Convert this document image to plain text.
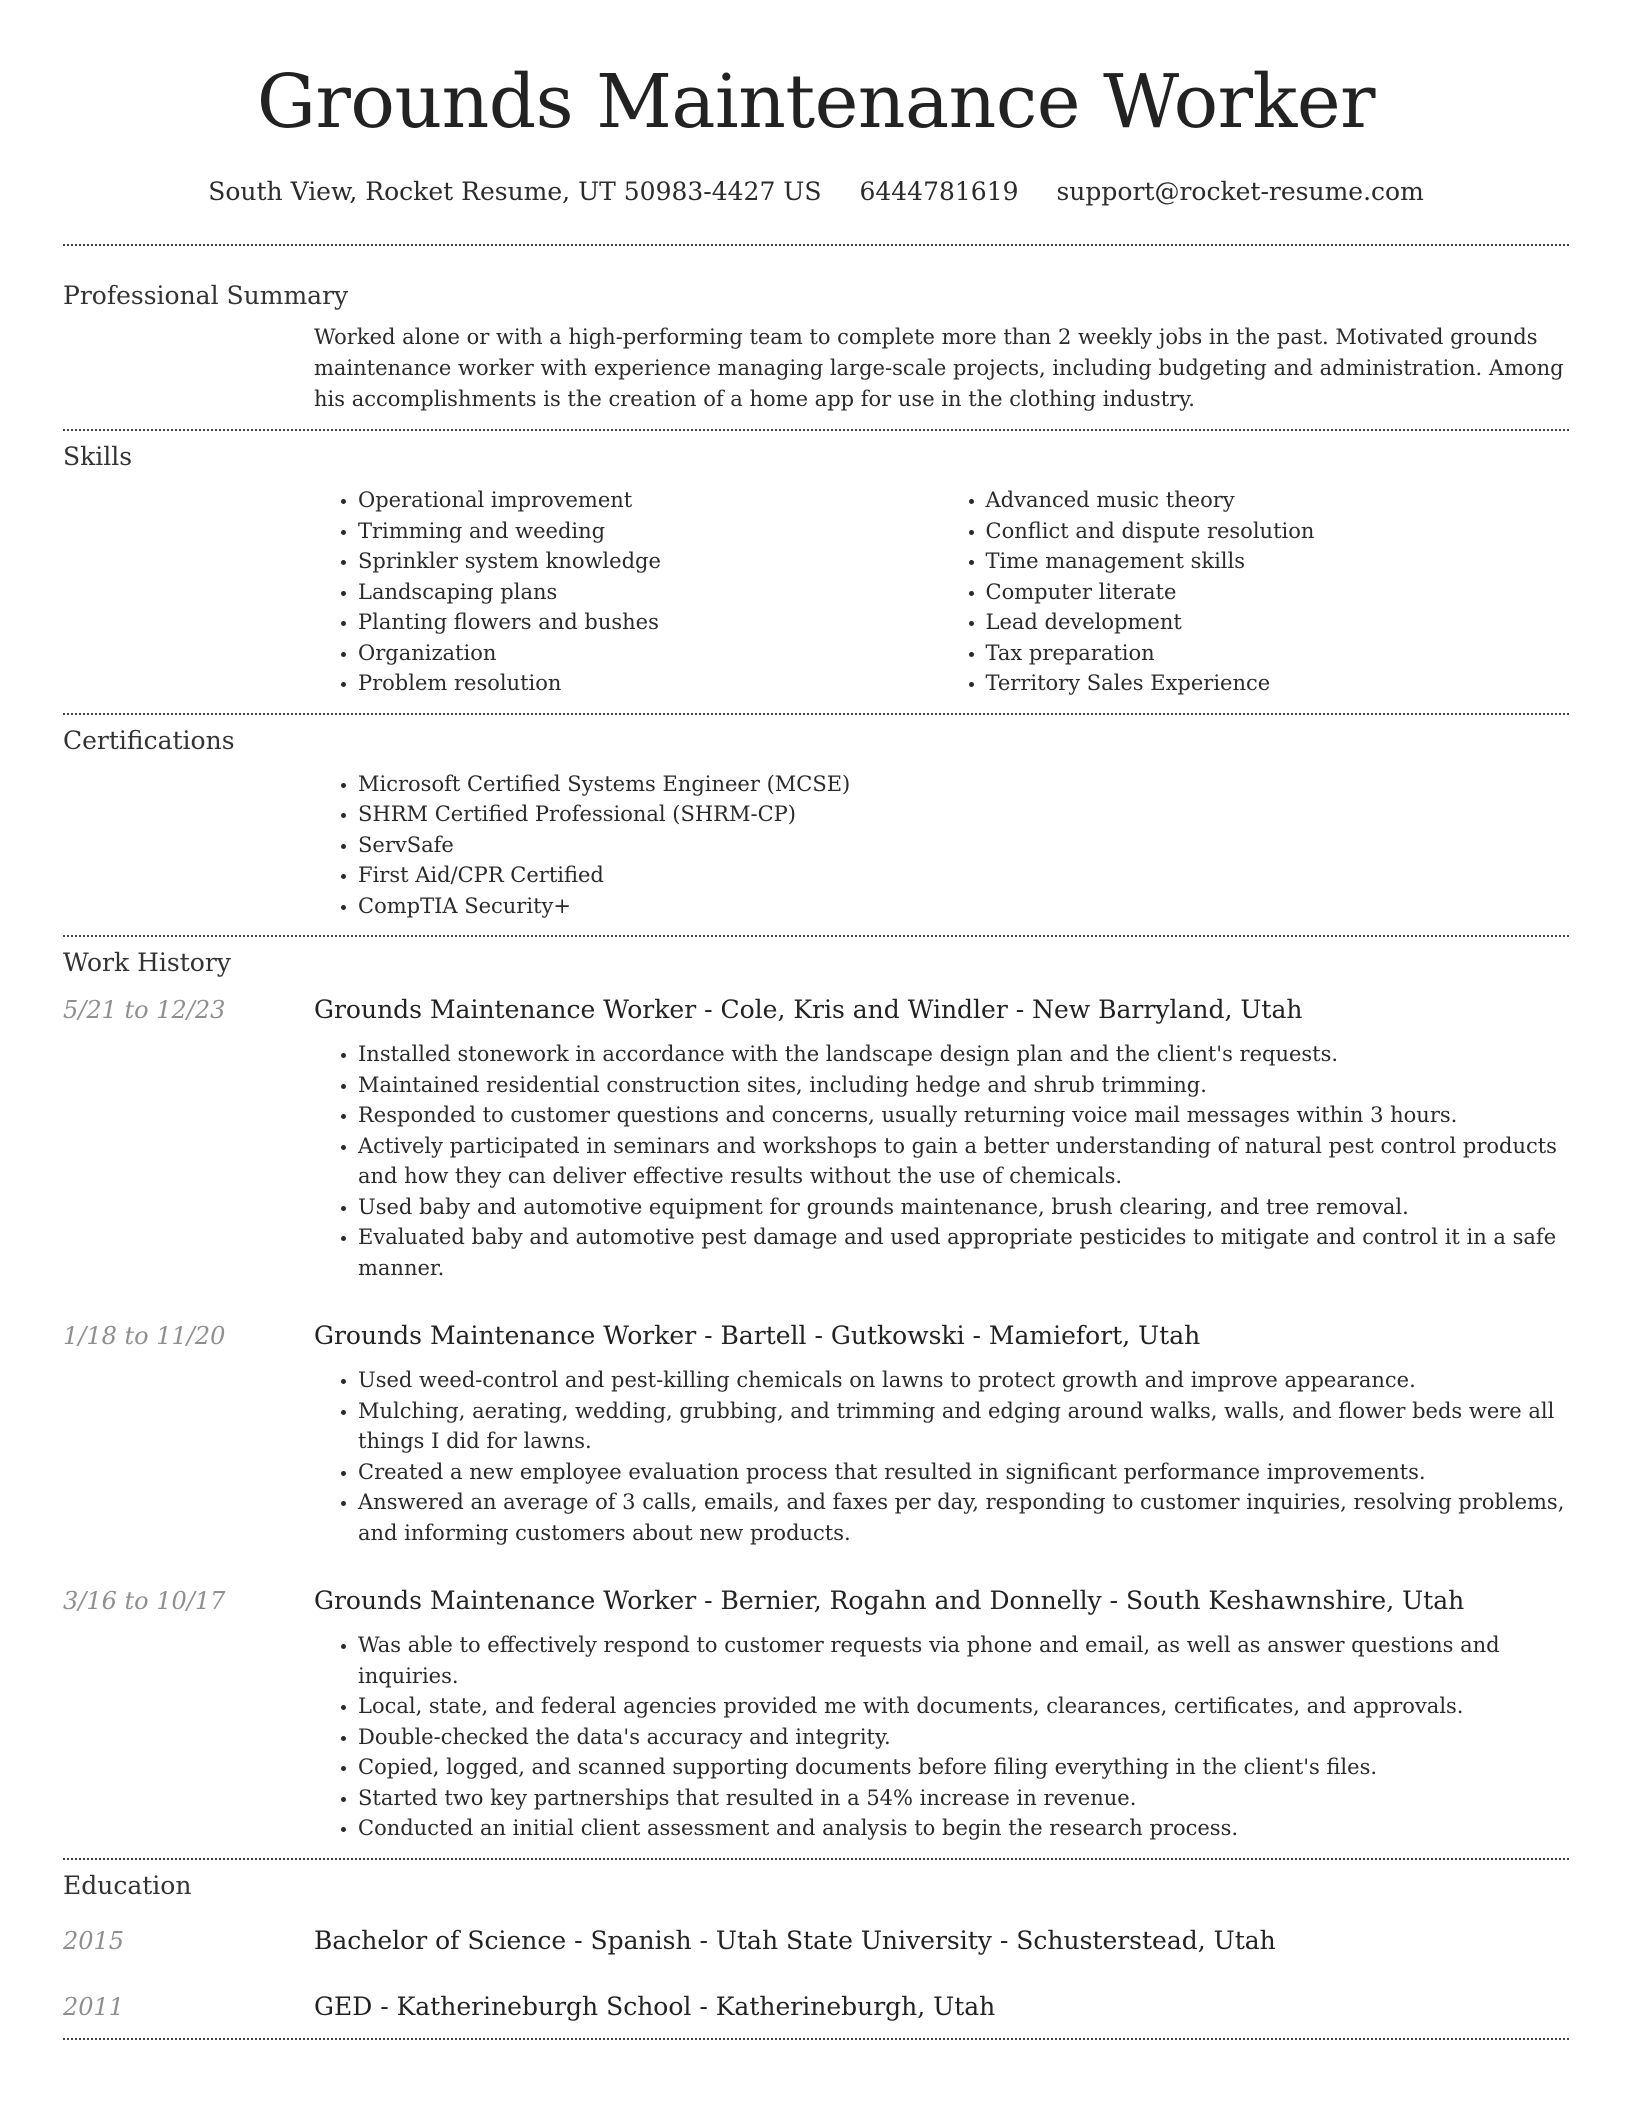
Grounds Maintenance Worker
South View, Rocket Resume, UT 50983-4427 US 6444781619 support@rocket-resume.com
Professional Summary

Worked alone or with a high-performing team to complete more than 2 weekly jobs in the past. Motivated grounds maintenance worker with experience managing large-scale projects, including budgeting and administration. Among his accomplishments is the creation of a home app for use in the clothing industry.

Skills
• Operational improvement
• Trimming and weeding
• Sprinkler system knowledge
• Landscaping plans
• Planting flowers and bushes
• Organization
• Problem resolution
• Advanced music theory
• Conflict and dispute resolution
• Time management skills
• Computer literate
• Lead development
• Tax preparation
• Territory Sales Experience
Certifications
• Microsoft Certified Systems Engineer (MCSE)
• SHRM Certified Professional (SHRM-CP)
• ServSafe
• First Aid/CPR Certified
• CompTIA Security+
Work History
5/21 to 12/23	Grounds Maintenance Worker - Cole, Kris and Windler - New Barryland, Utah
• Installed stonework in accordance with the landscape design plan and the client's requests.
• Maintained residential construction sites, including hedge and shrub trimming.
• Responded to customer questions and concerns, usually returning voice mail messages within 3 hours.
• Actively participated in seminars and workshops to gain a better understanding of natural pest control products and how they can deliver effective results without the use of chemicals.
• Used baby and automotive equipment for grounds maintenance, brush clearing, and tree removal.
• Evaluated baby and automotive pest damage and used appropriate pesticides to mitigate and control it in a safe manner.
1/18 to 11/20	Grounds Maintenance Worker - Bartell - Gutkowski - Mamiefort, Utah
• Used weed-control and pest-killing chemicals on lawns to protect growth and improve appearance.
• Mulching, aerating, wedding, grubbing, and trimming and edging around walks, walls, and flower beds were all things I did for lawns.
• Created a new employee evaluation process that resulted in significant performance improvements.
• Answered an average of 3 calls, emails, and faxes per day, responding to customer inquiries, resolving problems, and informing customers about new products.
3/16 to 10/17	Grounds Maintenance Worker - Bernier, Rogahn and Donnelly - South Keshawnshire, Utah
• Was able to effectively respond to customer requests via phone and email, as well as answer questions and inquiries.
• Local, state, and federal agencies provided me with documents, clearances, certificates, and approvals.
• Double-checked the data's accuracy and integrity.
• Copied, logged, and scanned supporting documents before filing everything in the client's files.
• Started two key partnerships that resulted in a 54% increase in revenue.
• Conducted an initial client assessment and analysis to begin the research process.
Education
2015	Bachelor of Science - Spanish - Utah State University - Schusterstead, Utah
2011	GED - Katherineburgh School - Katherineburgh, Utah
